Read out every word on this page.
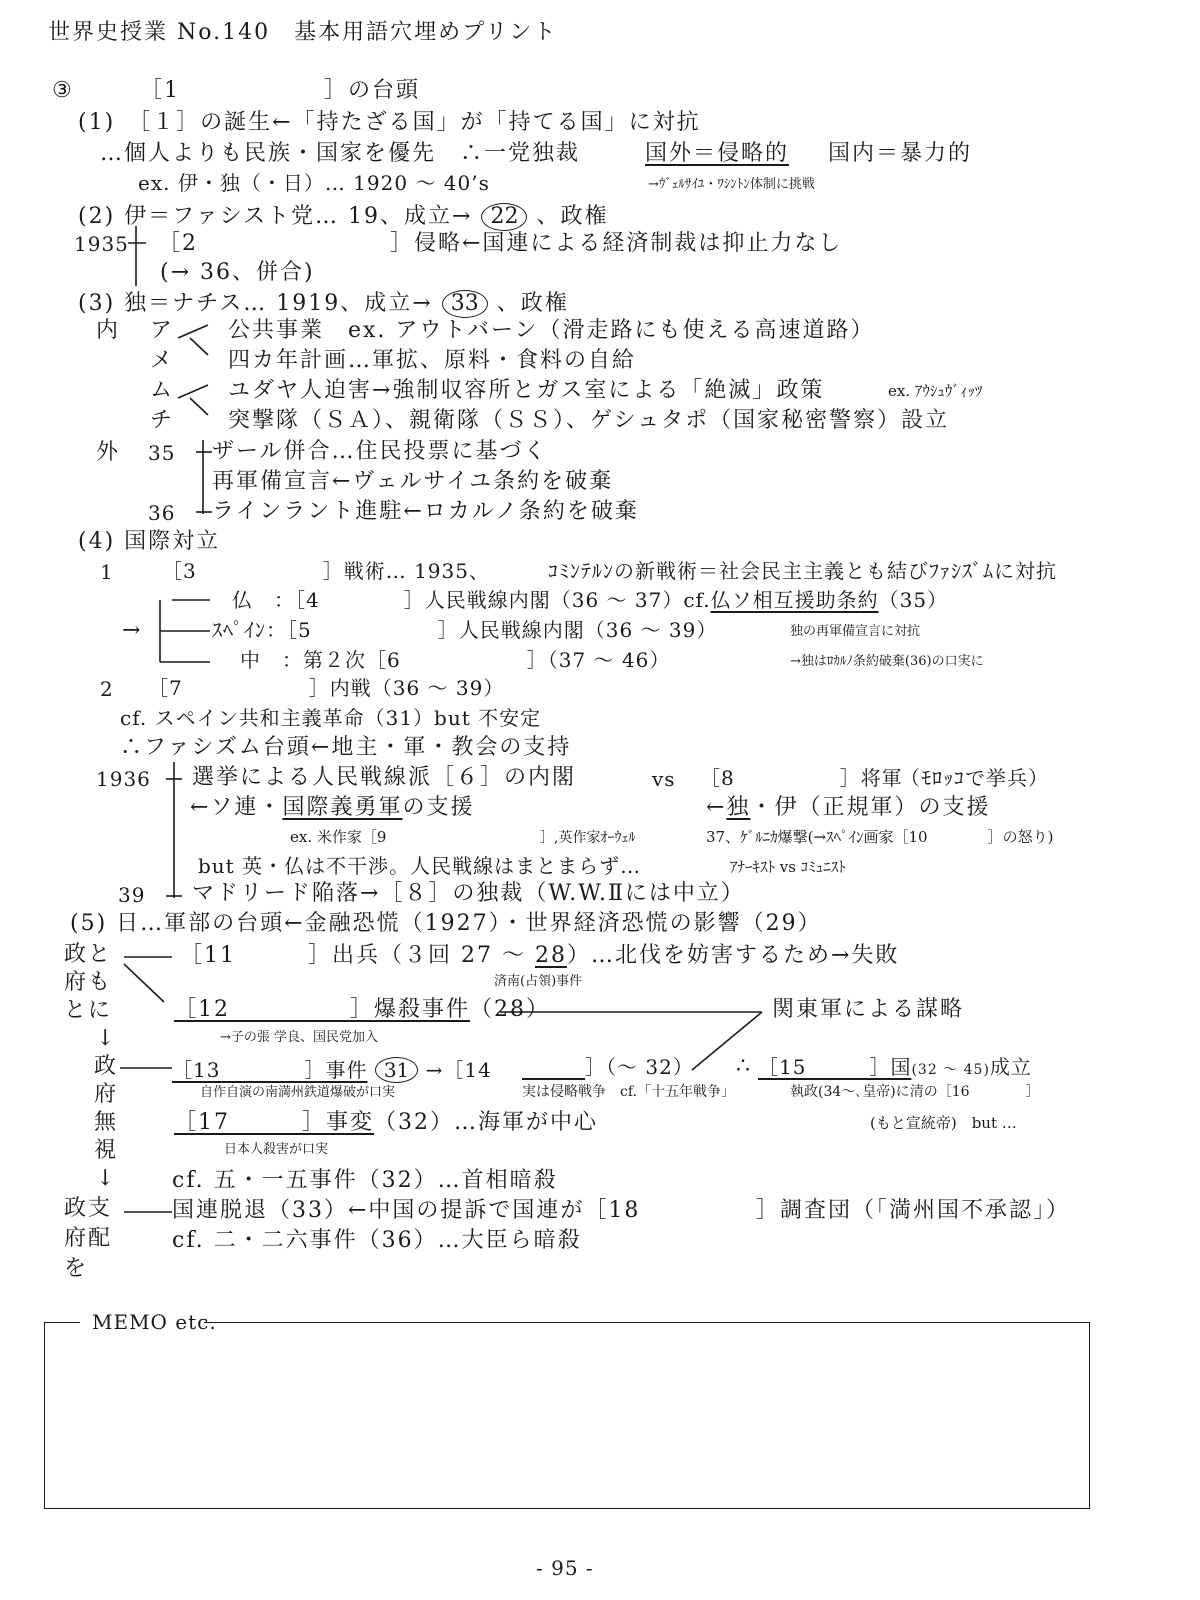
世界史授業 No.140　基本用語穴埋めプリント
③	［1　　　　　　］の台頭
(1)　［１］の誕生←「持たざる国」が「持てる国」に対抗
…個人よりも民族・国家を優先　∴一党独裁	国外＝侵略的 国内＝暴力的
ex. 伊・独（・日）… 1920 ～ 40’s	→ｳﾞｪﾙｻｲﾕ・ﾜｼﾝﾄﾝ体制に挑戦
(2) 伊＝ファシスト党… 19、成立→ 22 、政権
1935 ［2　　　　　　　　］侵略←国連による経済制裁は抑止力なし
(→ 36、併合)
(3) 独＝ナチス… 1919、成立→ 33 、政権
内 ア
メ
ム
チ
公共事業　ex. アウトバーン（滑走路にも使える高速道路）
四カ年計画…軍拡、原料・食料の自給
ユダヤ人迫害→強制収容所とガス室による「絶滅」政策	ex. ｱｳｼｭｳﾞｨｯﾂ
突撃隊（ＳＡ）、親衛隊（ＳＳ）、ゲシュタポ（国家秘密警察）設立
外 35 ザール併合…住民投票に基づく
再軍備宣言←ヴェルサイユ条約を破棄
36 ラインラント進駐←ロカルノ条約を破棄
(4) 国際対立
1 ［3　　　　　　］戦術… 1935、	ｺﾐﾝﾃﾙﾝの新戦術＝社会民主主義とも結びﾌｧｼｽﾞﾑに対抗
→
仏　：［4　　　　］人民戦線内閣（36 ～ 37）cf.仏ソ相互援助条約（35）
ｽﾍﾟｲﾝ：［5　　　　　　］人民戦線内閣（36 ～ 39）	独の再軍備宣言に対抗
中　：第２次［6　　　　　　］（37 ～ 46）	→独はﾛｶﾙﾉ条約破棄(36)の口実に
2 ［7　　　　　　］内戦（36 ～ 39）
cf. スペイン共和主義革命（31）but 不安定
∴ファシズム台頭←地主・軍・教会の支持
1936 選挙による人民戦線派［６］の内閣	vs ［8　　　　　］将軍
（ﾓﾛｯｺで挙兵）
←ソ連・国際義勇軍の支援	←独・伊（正規軍）の支援
ex. 米作家［9	］,英作家ｵｰｳｪﾙ	37、ｹﾞﾙﾆｶ爆撃(→ｽﾍﾟｲﾝ画家［10　　　　］の怒り)
but 英・仏は不干渉。人民戦線はまとまらず…	ｱﾅｰｷｽﾄ vs ｺﾐｭﾆｽﾄ
39 マドリード陥落→［８］の独裁（W.W.Ⅱには中立）
(5) 日…軍部の台頭←金融恐慌（1927）・世界経済恐慌の影響（29）
政と
府も
とに
↓
政
府
無
視
↓
政支
府配
を
［11　　　］出兵（３回 27 ～ 28）…北伐を妨害するため→失敗
済南(占領)事件
［12　　　　　］爆殺事件（28）	関東軍による謀略
→子の張 学良、国民党加入
［13　　　　］事件 31 →［14
　　　	］（～ 32） ∴ ［15　　　］国(32 ～ 45)成立
自作自演の南満州鉄道爆破が口実	実は侵略戦争　cf.「十五年戦争」	執政(34～､皇帝)に清の［16　　　　］
(もと宣統帝)　but …
［17　　　］事変（32）…海軍が中心
日本人殺害が口実
cf. 五・一五事件（32）…首相暗殺
国連脱退（33）←中国の提訴で国連が［18	］調査団（「満州国不承認」）
cf. 二・二六事件（36）…大臣ら暗殺
MEMO etc.
- 95 -
